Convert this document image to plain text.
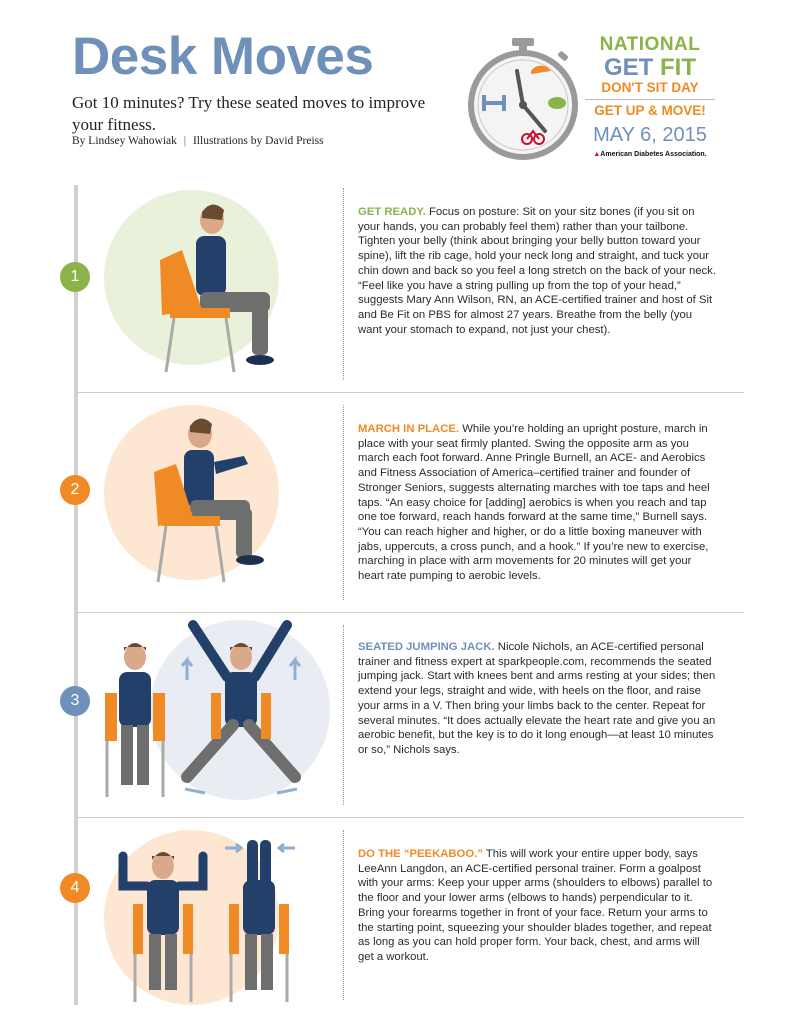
Desk Moves
Got 10 minutes? Try these seated moves to improve your fitness.
By Lindsey Wahowiak | Illustrations by David Preiss
NATIONAL
GET FIT
DON'T SIT DAY
GET UP & MOVE!
MAY 6, 2015
▲American Diabetes Association.
1
GET READY. Focus on posture: Sit on your sitz bones (if you sit on your hands, you can probably feel them) rather than your tailbone. Tighten your belly (think about bringing your belly button toward your spine), lift the rib cage, hold your neck long and straight, and tuck your chin down and back so you feel a long stretch on the back of your neck. “Feel like you have a string pulling up from the top of your head,” suggests Mary Ann Wilson, RN, an ACE-certified trainer and host of Sit and Be Fit on PBS for almost 27 years. Breathe from the belly (you want your stomach to expand, not just your chest).
2
MARCH IN PLACE. While you’re holding an upright posture, march in place with your seat firmly planted. Swing the opposite arm as you march each foot forward. Anne Pringle Burnell, an ACE- and Aerobics and Fitness Association of America–certified trainer and founder of Stronger Seniors, suggests alternating marches with toe taps and heel taps. “An easy choice for [adding] aerobics is when you reach and tap one toe forward, reach hands forward at the same time,” Burnell says. “You can reach higher and higher, or do a little boxing maneuver with jabs, uppercuts, a cross punch, and a hook.” If you’re new to exercise, marching in place with arm movements for 20 minutes will get your heart rate pumping to aerobic levels.
3
SEATED JUMPING JACK. Nicole Nichols, an ACE-certified personal trainer and fitness expert at sparkpeople.com, recommends the seated jumping jack. Start with knees bent and arms resting at your sides; then extend your legs, straight and wide, with heels on the floor, and raise your arms in a V. Then bring your limbs back to the center. Repeat for several minutes. “It does actually elevate the heart rate and give you an aerobic benefit, but the key is to do it long enough—at least 10 minutes or so,” Nichols says.
4
DO THE “PEEKABOO.” This will work your entire upper body, says LeeAnn Langdon, an ACE-certified personal trainer. Form a goalpost with your arms: Keep your upper arms (shoulders to elbows) parallel to the floor and your lower arms (elbows to hands) perpendicular to it. Bring your forearms together in front of your face. Return your arms to the starting point, squeezing your shoulder blades together, and repeat as long as you can hold proper form. Your back, chest, and arms will get a workout.
